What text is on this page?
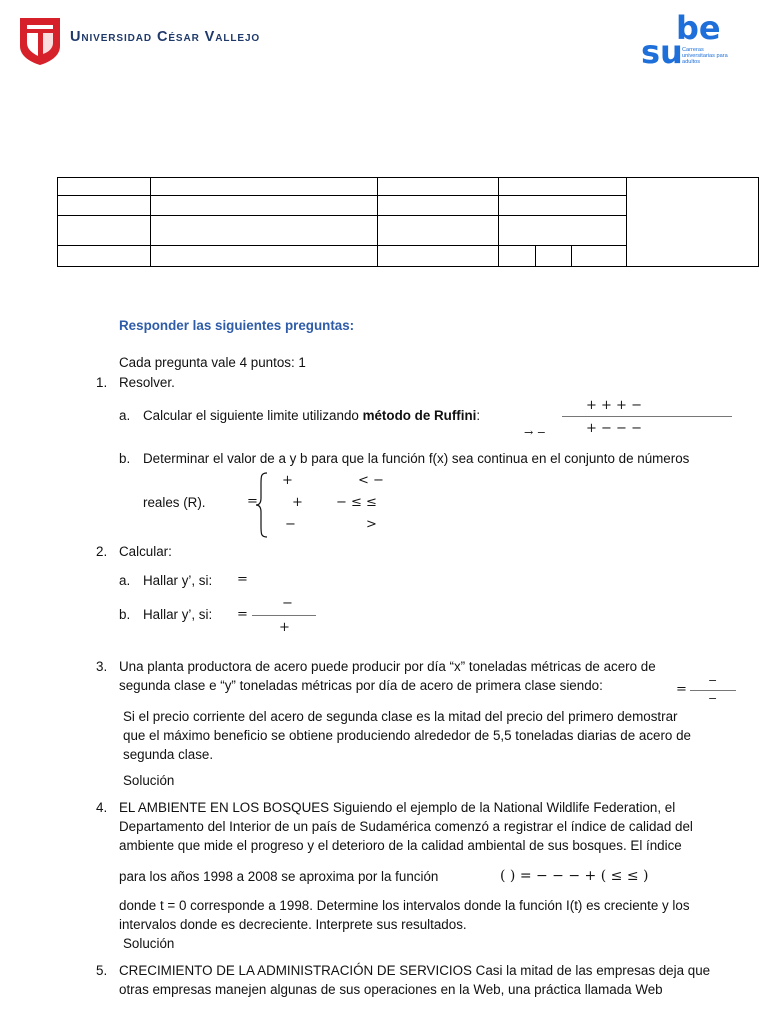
Universidad César Vallejo	be
su Carreras universitarias para adultos

Responder las siguientes preguntas:
Cada pregunta vale 4 puntos: 1
1. Resolver.
a. Calcular el siguiente limite utilizando método de Ruffini:
+ + + −
→ −	+ − − −
b. Determinar el valor de a y b para que la función f(x) sea continua en el conjunto de números
reales (R).	=
+	< −
+	− ≤ ≤
−	>
2. Calcular:
a. Hallar y’, si: =
b. Hallar y’, si: =
−
+
3. Una planta productora de acero puede producir por día “x” toneladas métricas de acero de
segunda clase e “y” toneladas métricas por día de acero de primera clase siendo:	=
−
−
Si el precio corriente del acero de segunda clase es la mitad del precio del primero demostrar
que el máximo beneficio se obtiene produciendo alrededor de 5,5 toneladas diarias de acero de
segunda clase.
Solución
4. EL AMBIENTE EN LOS BOSQUES Siguiendo el ejemplo de la National Wildlife Federation, el
Departamento del Interior de un país de Sudamérica comenzó a registrar el índice de calidad del
ambiente que mide el progreso y el deterioro de la calidad ambiental de sus bosques. El índice
para los años 1998 a 2008 se aproxima por la función	( ) = − − − + ( ≤ ≤ )
donde t = 0 corresponde a 1998. Determine los intervalos donde la función I(t) es creciente y los
intervalos donde es decreciente. Interprete sus resultados.
Solución
5. CRECIMIENTO DE LA ADMINISTRACIÓN DE SERVICIOS Casi la mitad de las empresas deja que
otras empresas manejen algunas de sus operaciones en la Web, una práctica llamada Web
